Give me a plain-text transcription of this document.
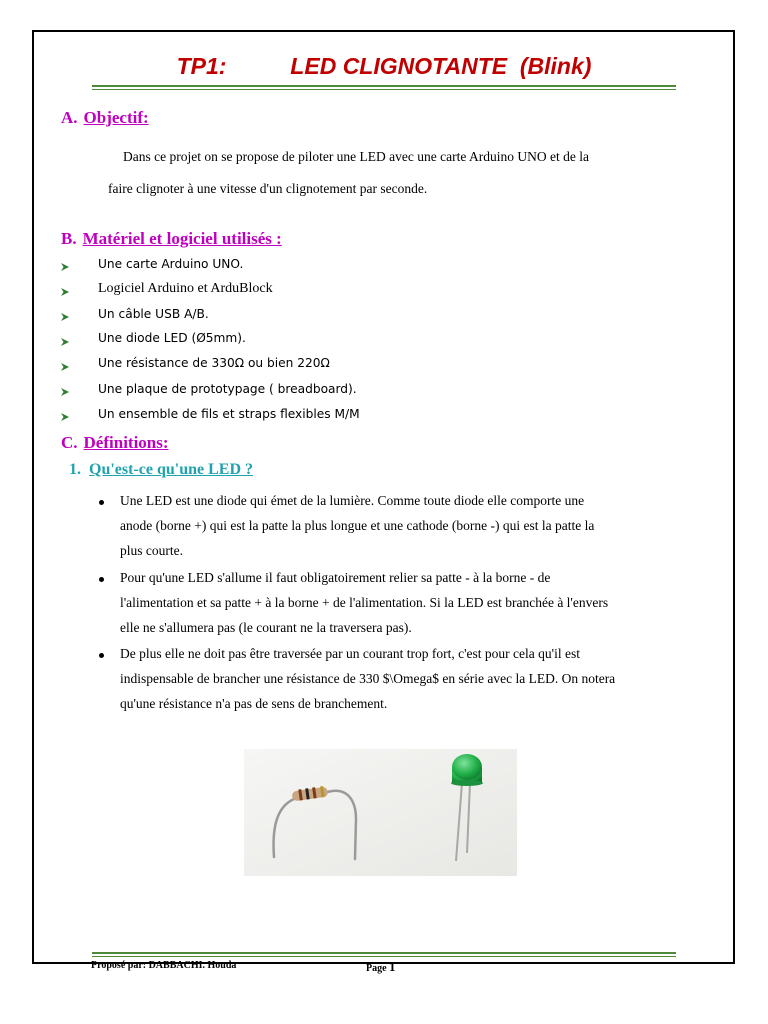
TP1:          LED CLIGNOTANTE  (Blink)
A. Objectif:
Dans ce projet on se propose de piloter une LED avec une carte Arduino UNO et de la
faire clignoter à une vitesse d'un clignotement par seconde.
B. Matériel et logiciel utilisés :
Une carte Arduino UNO.
Logiciel Arduino et ArduBlock
Un câble USB A/B.
Une diode LED (Ø5mm).
Une résistance de 330Ω ou bien 220Ω
Une plaque de prototypage ( breadboard).
Un ensemble de fils et straps flexibles M/M
C. Définitions:
1. Qu'est-ce qu'une LED ?
Une LED est une diode qui émet de la lumière. Comme toute diode elle comporte une
anode (borne +) qui est la patte la plus longue et une cathode (borne -) qui est la patte la
plus courte.
Pour qu'une LED s'allume il faut obligatoirement relier sa patte - à la borne - de
l'alimentation et sa patte + à la borne + de l'alimentation. Si la LED est branchée à l'envers
elle ne s'allumera pas (le courant ne la traversera pas).
De plus elle ne doit pas être traversée par un courant trop fort, c'est pour cela qu'il est
indispensable de brancher une résistance de 330 $\Omega$ en série avec la LED. On notera
qu'une résistance n'a pas de sens de branchement.
Proposé par: DABBACHI. Houda	Page 1
